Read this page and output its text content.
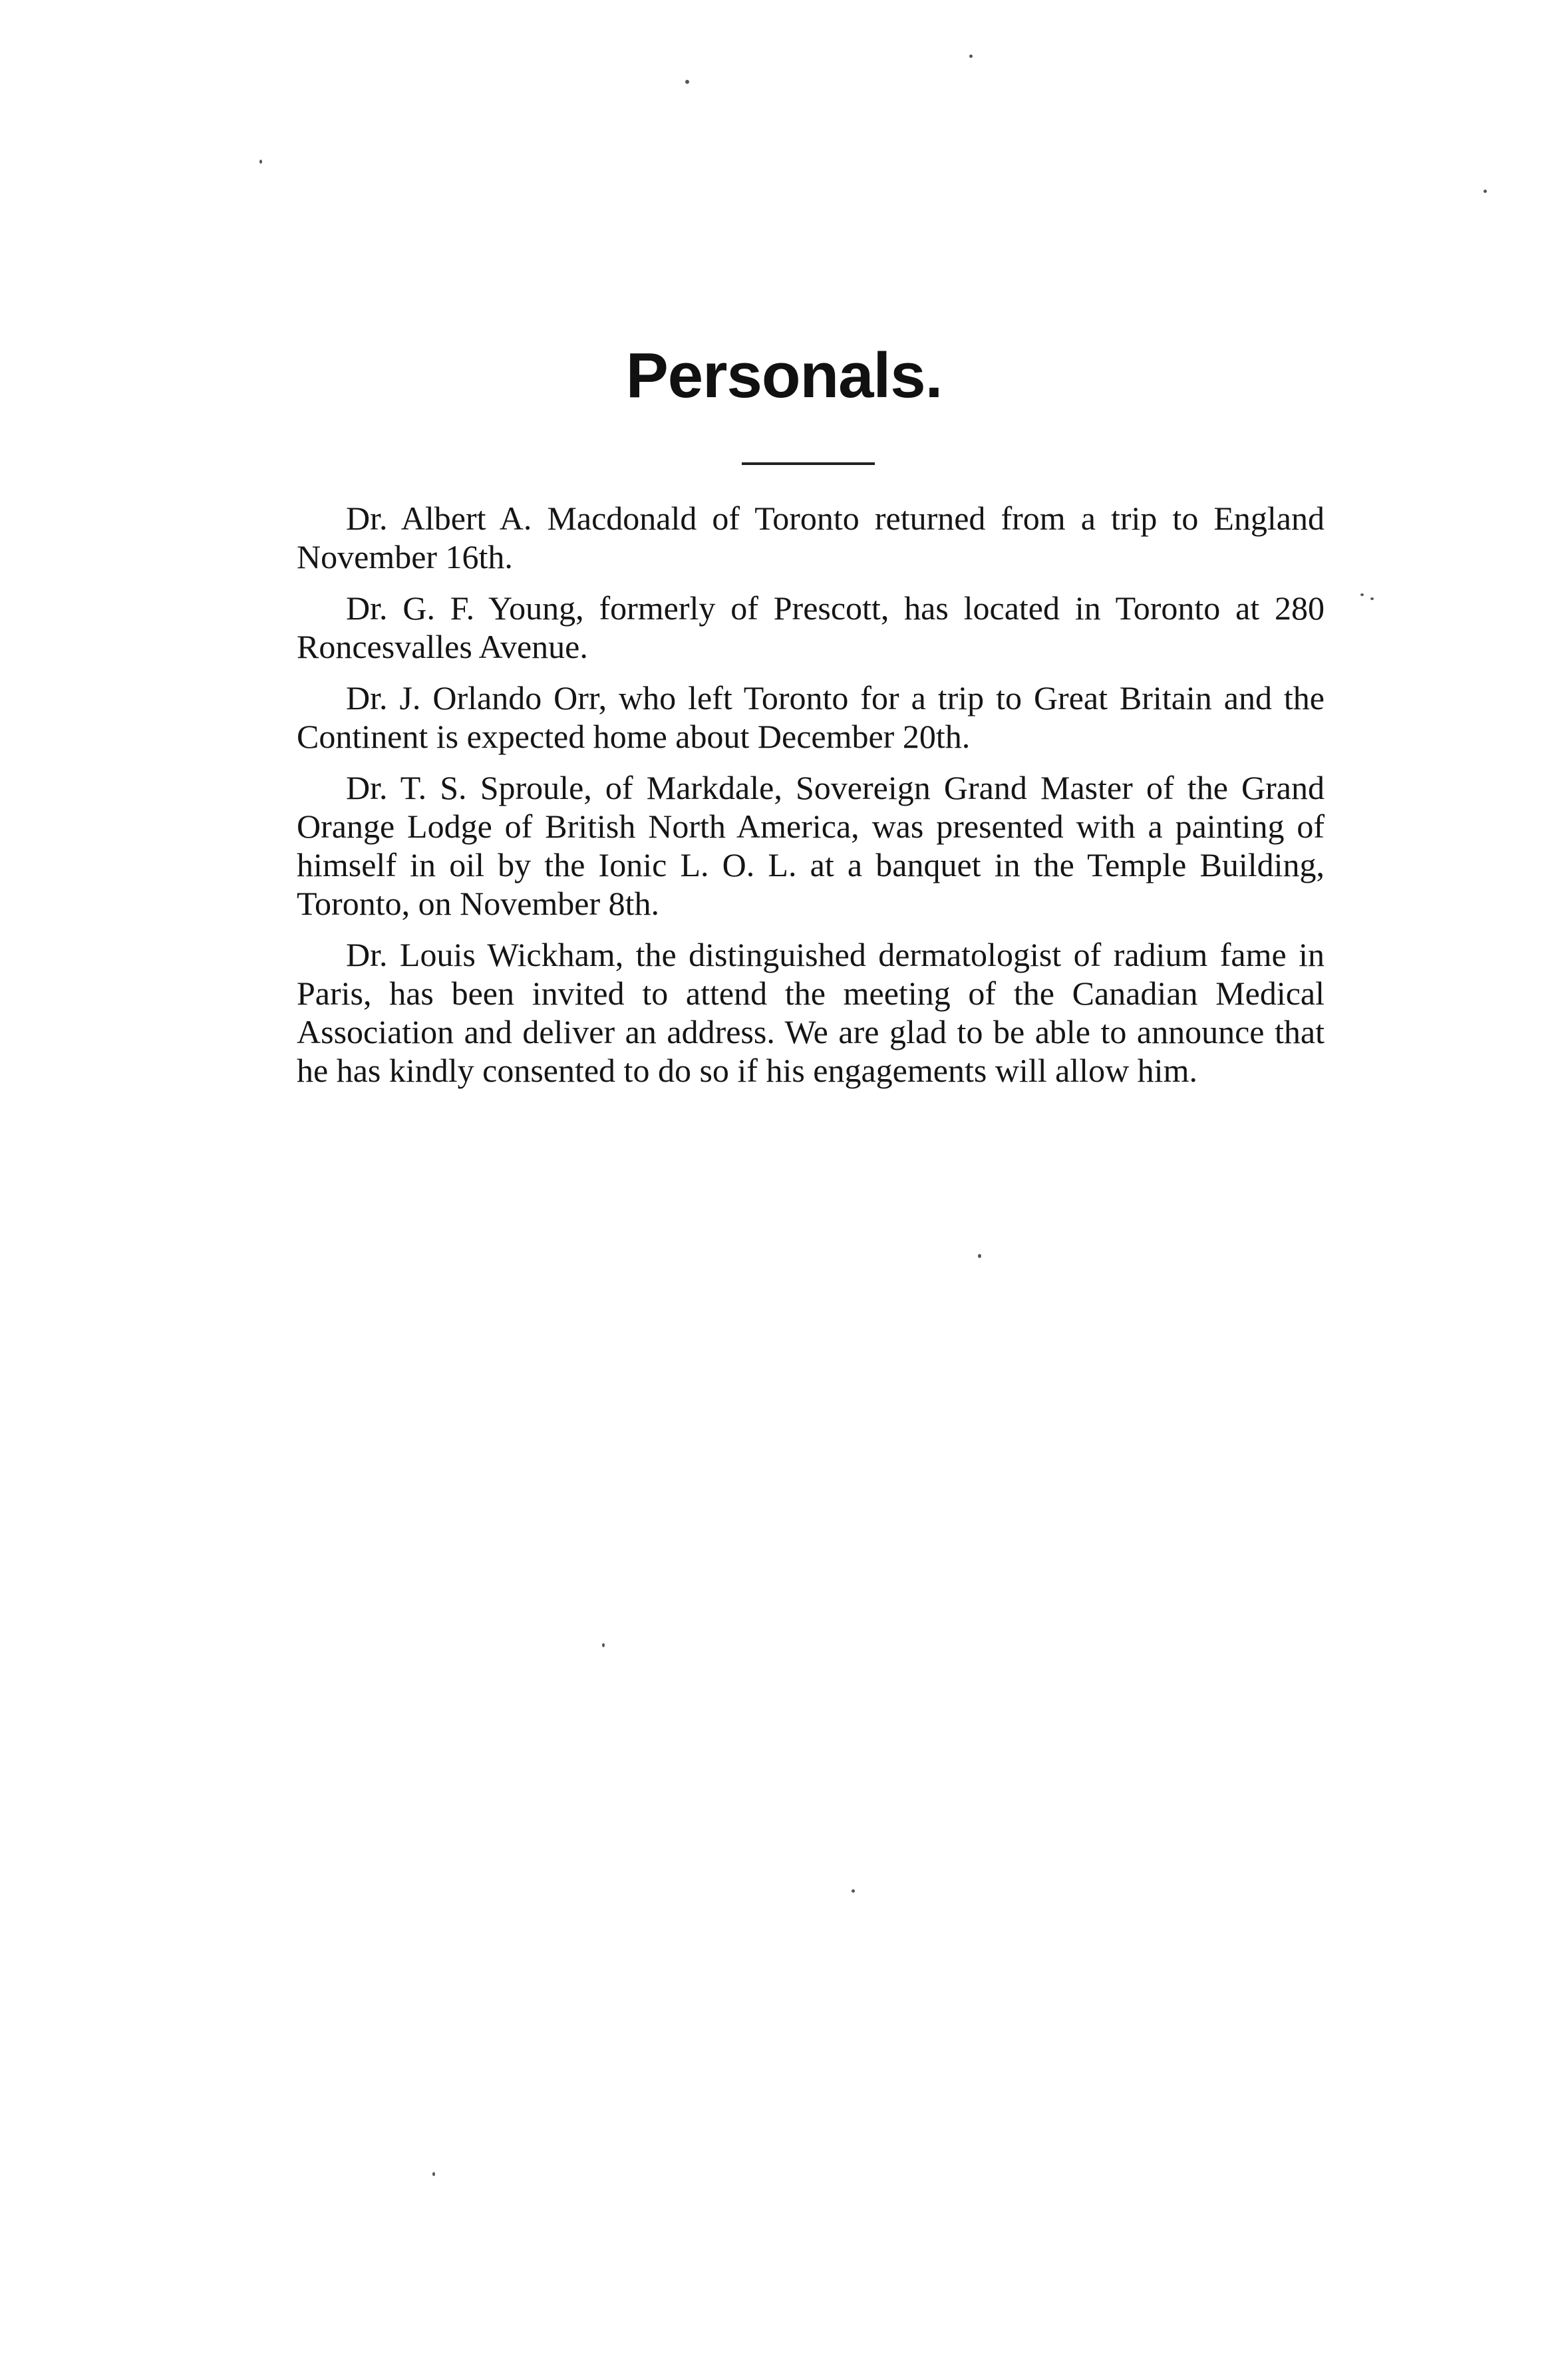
Personals.

Dr. Albert A. Macdonald of Toronto returned from a trip to England November 16th.

Dr. G. F. Young, formerly of Prescott, has located in Toronto at 280 Roncesvalles Avenue.

Dr. J. Orlando Orr, who left Toronto for a trip to Great Britain and the Continent is expected home about December 20th.

Dr. T. S. Sproule, of Markdale, Sovereign Grand Master of the Grand Orange Lodge of British North America, was presented with a painting of himself in oil by the Ionic L. O. L. at a banquet in the Temple Building, Toronto, on November 8th.

Dr. Louis Wickham, the distinguished dermatologist of radium fame in Paris, has been invited to attend the meeting of the Canadian Medical Association and deliver an address. We are glad to be able to announce that he has kindly consented to do so if his engagements will allow him.
